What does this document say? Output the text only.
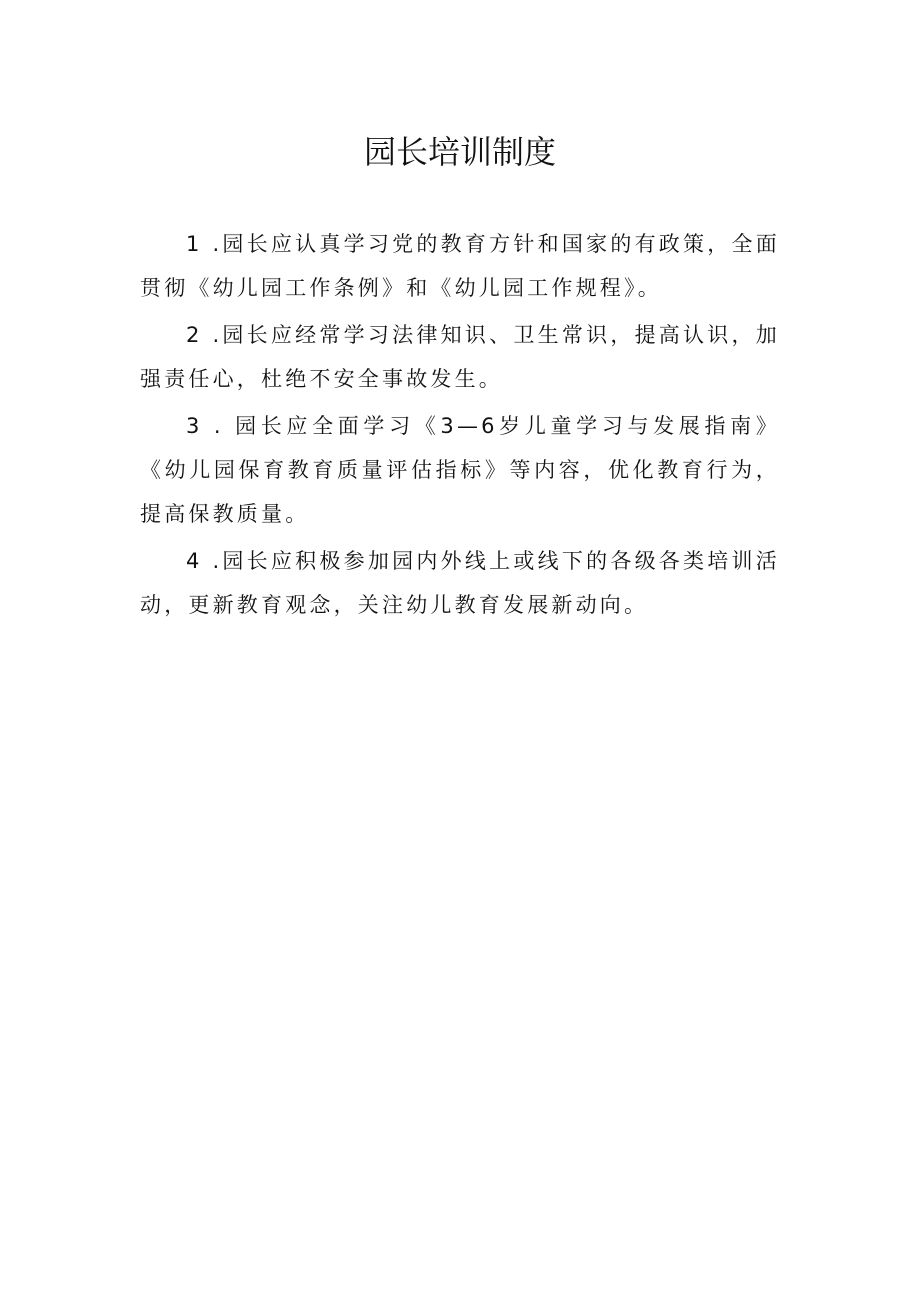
园长培训制度

1 .园长应认真学习党的教育方针和国家的有政策，全面贯彻《幼儿园工作条例》和《幼儿园工作规程》。

2 .园长应经常学习法律知识、卫生常识，提高认识，加强责任心，杜绝不安全事故发生。

3 . 园长应全面学习《3—6岁儿童学习与发展指南》《幼儿园保育教育质量评估指标》等内容，优化教育行为，提高保教质量。

4 .园长应积极参加园内外线上或线下的各级各类培训活动，更新教育观念，关注幼儿教育发展新动向。
